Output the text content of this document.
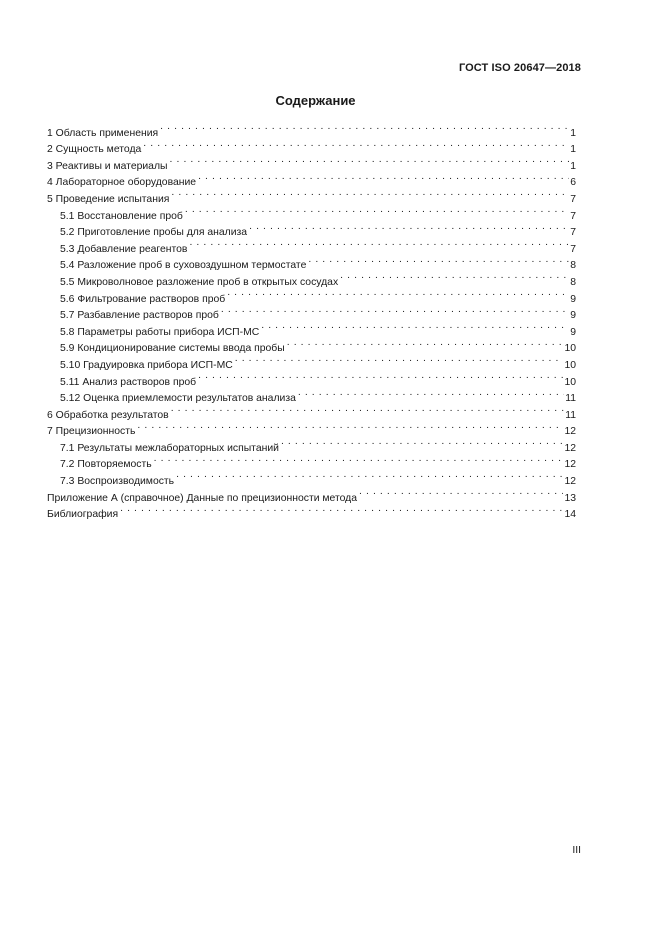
ГОСТ ISO 20647—2018
Содержание
1 Область применения . . .	1
2 Сущность метода . . .	1
3 Реактивы и материалы . . .	1
4 Лабораторное оборудование . . .	6
5 Проведение испытания . . .	7
5.1 Восстановление проб . . .	7
5.2 Приготовление пробы для анализа . . .	7
5.3 Добавление реагентов . . .	7
5.4 Разложение проб в суховоздушном термостате . . .	8
5.5 Микроволновое разложение проб в открытых сосудах . . .	8
5.6 Фильтрование растворов проб . . .	9
5.7 Разбавление растворов проб . . .	9
5.8 Параметры работы прибора ИСП-МС . . .	9
5.9 Кондиционирование системы ввода пробы . . .	10
5.10 Градуировка прибора ИСП-МС . . .	10
5.11 Анализ растворов проб . . .	10
5.12 Оценка приемлемости результатов анализа . . .	11
6 Обработка результатов . . .	11
7 Прецизионность . . .	12
7.1 Результаты межлабораторных испытаний . . .	12
7.2 Повторяемость . . .	12
7.3 Воспроизводимость . . .	12
Приложение А (справочное) Данные по прецизионности метода . . .	13
Библиография . . .	14
III
